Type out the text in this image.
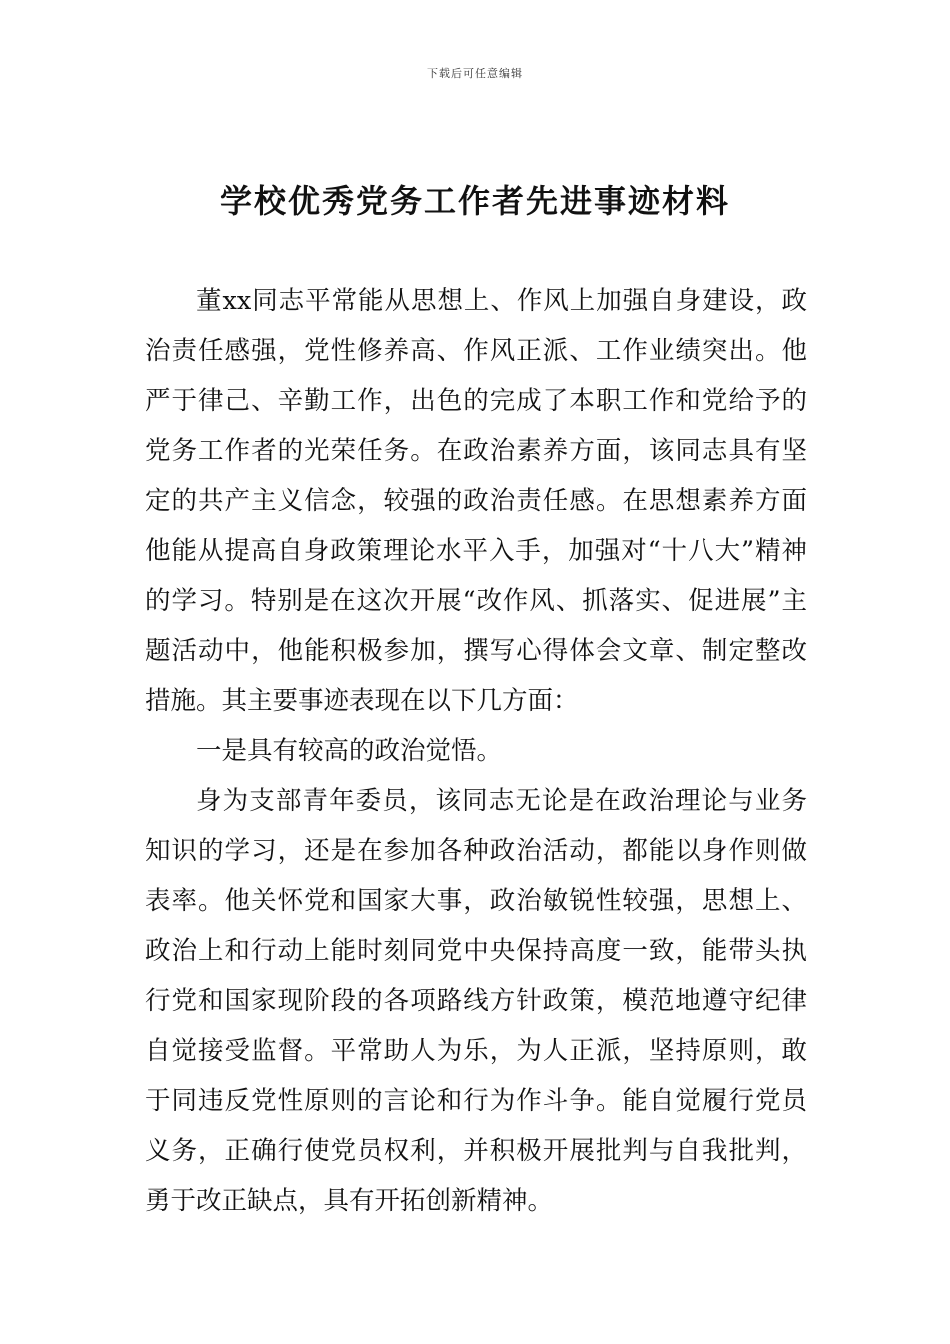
下载后可任意编辑
学校优秀党务工作者先进事迹材料

董xx同志平常能从思想上、作风上加强自身建设，政治责任感强，党性修养高、作风正派、工作业绩突出。他严于律己、辛勤工作，出色的完成了本职工作和党给予的党务工作者的光荣任务。在政治素养方面，该同志具有坚定的共产主义信念，较强的政治责任感。在思想素养方面他能从提高自身政策理论水平入手，加强对“十八大”精神的学习。特别是在这次开展“改作风、抓落实、促进展”主题活动中，他能积极参加，撰写心得体会文章、制定整改措施。其主要事迹表现在以下几方面：

一是具有较高的政治觉悟。

身为支部青年委员，该同志无论是在政治理论与业务知识的学习，还是在参加各种政治活动，都能以身作则做表率。他关怀党和国家大事，政治敏锐性较强，思想上、政治上和行动上能时刻同党中央保持高度一致，能带头执行党和国家现阶段的各项路线方针政策，模范地遵守纪律自觉接受监督。平常助人为乐，为人正派，坚持原则，敢于同违反党性原则的言论和行为作斗争。能自觉履行党员义务，正确行使党员权利，并积极开展批判与自我批判，勇于改正缺点，具有开拓创新精神。
